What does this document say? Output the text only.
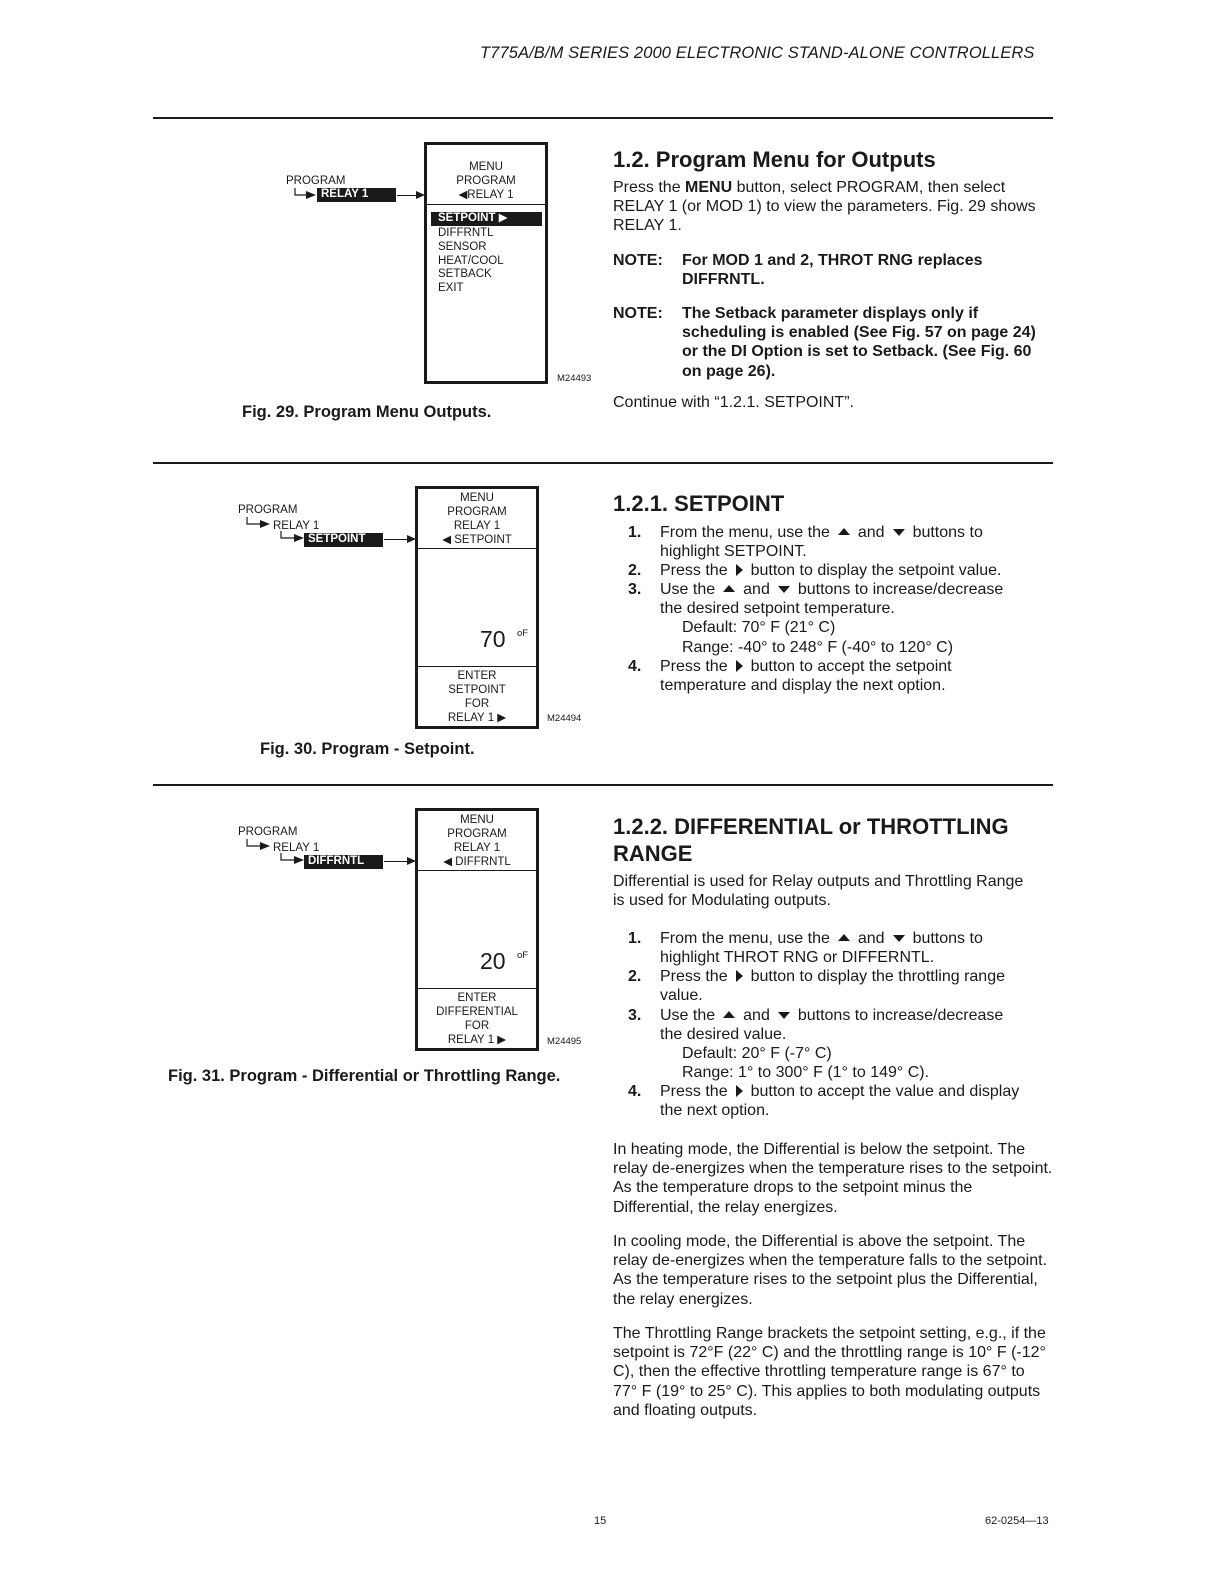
T775A/B/M SERIES 2000 ELECTRONIC STAND-ALONE CONTROLLERS
PROGRAM
RELAY 1
MENU
PROGRAM
◀RELAY 1
SETPOINT ▶
DIFFRNTL
SENSOR
HEAT/COOL
SETBACK
EXIT
M24493
Fig. 29. Program Menu Outputs.
1.2. Program Menu for Outputs
Press the MENU button, select PROGRAM, then select RELAY 1 (or MOD 1) to view the parameters. Fig. 29 shows RELAY 1.
NOTE: For MOD 1 and 2, THROT RNG replaces DIFFRNTL.
NOTE: The Setback parameter displays only if scheduling is enabled (See Fig. 57 on page 24) or the DI Option is set to Setback. (See Fig. 60 on page 26).
Continue with “1.2.1. SETPOINT”.
PROGRAM
RELAY 1
SETPOINT
MENU
PROGRAM
RELAY 1
◀ SETPOINT
70 oF
ENTER
SETPOINT
FOR
RELAY 1 ▶	M24494
Fig. 30. Program - Setpoint.
1.2.1. SETPOINT
1. From the menu, use the and buttons to
highlight SETPOINT.
2. Press the button to display the setpoint value.
3. Use the and buttons to increase/decrease
the desired setpoint temperature.
Default: 70° F (21° C)
Range: -40° to 248° F (-40° to 120° C)
4. Press the button to accept the setpoint
temperature and display the next option.
PROGRAM
RELAY 1
DIFFRNTL
MENU
PROGRAM
RELAY 1
◀ DIFFRNTL
20 oF
ENTER
DIFFERENTIAL
FOR
RELAY 1 ▶	M24495
Fig. 31. Program - Differential or Throttling Range.
1.2.2. DIFFERENTIAL or THROTTLING
RANGE
Differential is used for Relay outputs and Throttling Range
is used for Modulating outputs.
1. From the menu, use the and buttons to
highlight THROT RNG or DIFFERNTL.
2. Press the button to display the throttling range
value.
3. Use the and buttons to increase/decrease
the desired value.
Default: 20° F (-7° C)
Range: 1° to 300° F (1° to 149° C).
4. Press the button to accept the value and display
the next option.
In heating mode, the Differential is below the setpoint. The relay de-energizes when the temperature rises to the setpoint. As the temperature drops to the setpoint minus the Differential, the relay energizes.
In cooling mode, the Differential is above the setpoint. The relay de-energizes when the temperature falls to the setpoint. As the temperature rises to the setpoint plus the Differential, the relay energizes.
The Throttling Range brackets the setpoint setting, e.g., if the setpoint is 72°F (22° C) and the throttling range is 10° F (-12° C), then the effective throttling temperature range is 67° to 77° F (19° to 25° C). This applies to both modulating outputs and floating outputs.
15	62-0254—13
